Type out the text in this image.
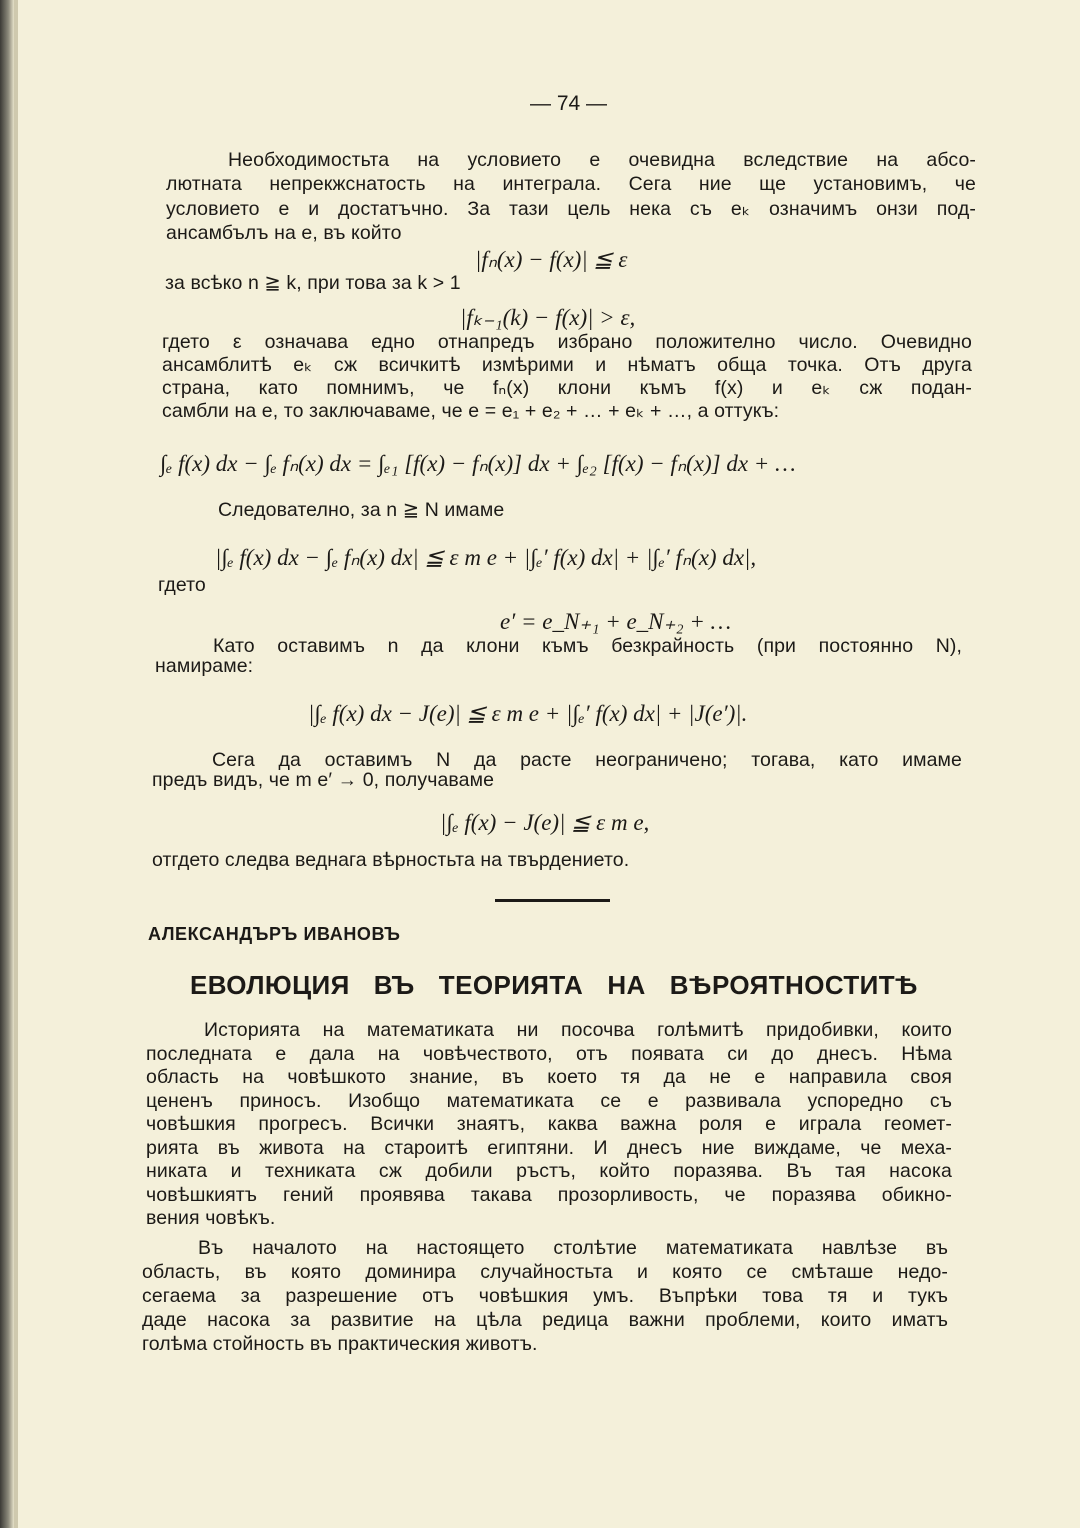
— 74 —
Необходимостьта на условието е очевидна вследствие на абсо-
лютната непрекжснатость на интеграла. Сега ние ще установимъ, че
условието е и достатъчно. За тази цель нека съ eₖ означимъ онзи под-
ансамбълъ на e, въ който
|fₙ(x) − f(x)| ≦ ε
за всѣко n ≧ k, при това за k > 1
|fₖ₋₁(k) − f(x)| > ε,
гдето ε означава едно отнапредъ избрано положително число. Очевидно
ансамблитѣ eₖ сж всичкитѣ измѣрими и нѣматъ обща точка. Отъ друга
страна, като помнимъ, че fₙ(x) клони къмъ f(x) и eₖ сж подан-
самбли на e, то заключаваме, че e = e₁ + e₂ + … + eₖ + …, а оттукъ:
∫ₑ f(x) dx − ∫ₑ fₙ(x) dx = ∫ₑ₁ [f(x) − fₙ(x)] dx + ∫ₑ₂ [f(x) − fₙ(x)] dx + …
Следователно, за n ≧ N имаме
|∫ₑ f(x) dx − ∫ₑ fₙ(x) dx| ≦ ε m e + |∫ₑ′ f(x) dx| + |∫ₑ′ fₙ(x) dx|,
гдето
e′ = e_N₊₁ + e_N₊₂ + …
Като оставимъ n да клони къмъ безкрайность (при постоянно N),
намираме:
|∫ₑ f(x) dx − J(e)| ≦ ε m e + |∫ₑ′ f(x) dx| + |J(e′)|.
Сега да оставимъ N да расте неограничено; тогава, като имаме
предъ видъ, че m e′ → 0, получаваме
|∫ₑ f(x) − J(e)| ≦ ε m e,
отгдето следва веднага вѣрностьта на твърдението.
Историята на математиката ни посочва голѣмитѣ придобивки, които
последната е дала на човѣчеството, отъ появата си до днесъ. Нѣма
область на човѣшкото знание, въ което тя да не е направила своя
цененъ приносъ. Изобщо математиката се е развивала успоредно съ
човѣшкия прогресъ. Всички знаятъ, каква важна роля е играла геомет-
рията въ живота на староитѣ египтяни. И днесъ ние виждаме, че меха-
никата и техниката сж добили ръстъ, който поразява. Въ тая насока
човѣшкиятъ гений проявява такава прозорливость, че поразява обикно-
вения човѣкъ.
Въ началото на настоящето столѣтие математиката навлѣзе въ
область, въ която доминира случайностьта и която се смѣташе недо-
сегаема за разрешение отъ човѣшкия умъ. Въпрѣки това тя и тукъ
даде насока за развитие на цѣла редица важни проблеми, които иматъ
голѣма стойность въ практическия животъ.
АЛЕКСАНДЪРЪ ИВАНОВЪ
ЕВОЛЮЦИЯ ВЪ ТЕОРИЯТА НА ВѢРОЯТНОСТИТѢ
